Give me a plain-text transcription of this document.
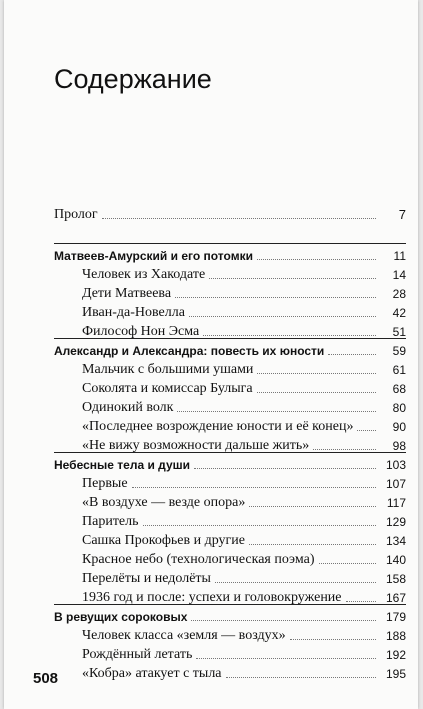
Содержание
Пролог	7
Матвеев-Амурский и его потомки	11
Человек из Хакодате	14
Дети Матвеева	28
Иван-да-Новелла	42
Философ Нон Эсма	51
Александр и Александра: повесть их юности	59
Мальчик с большими ушами	61
Соколята и комиссар Булыга	68
Одинокий волк	80
«Последнее возрождение юности и её конец»	90
«Не вижу возможности дальше жить»	98
Небесные тела и души	103
Первые	107
«В воздухе — везде опора»	117
Паритель	129
Сашка Прокофьев и другие	134
Красное небо (технологическая поэма)	140
Перелёты и недолёты	158
1936 год и после: успехи и головокружение	167
В ревущих сороковых	179
Человек класса «земля — воздух»	188
Рождённый летать	192
«Кобра» атакует с тыла	195
508
